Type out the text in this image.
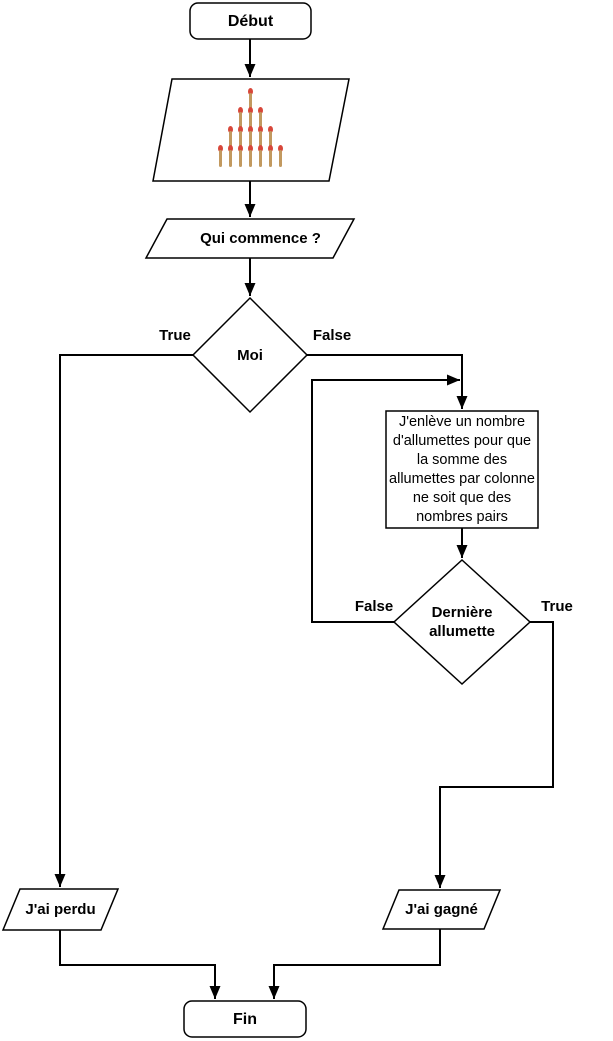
Début
Qui commence ?
Moi
True	False
J'enlève un nombre d'allumettes pour que la somme des allumettes par colonne ne soit que des nombres pairs
Dernière allumette
False	True
J'ai perdu	J'ai gagné
Fin
